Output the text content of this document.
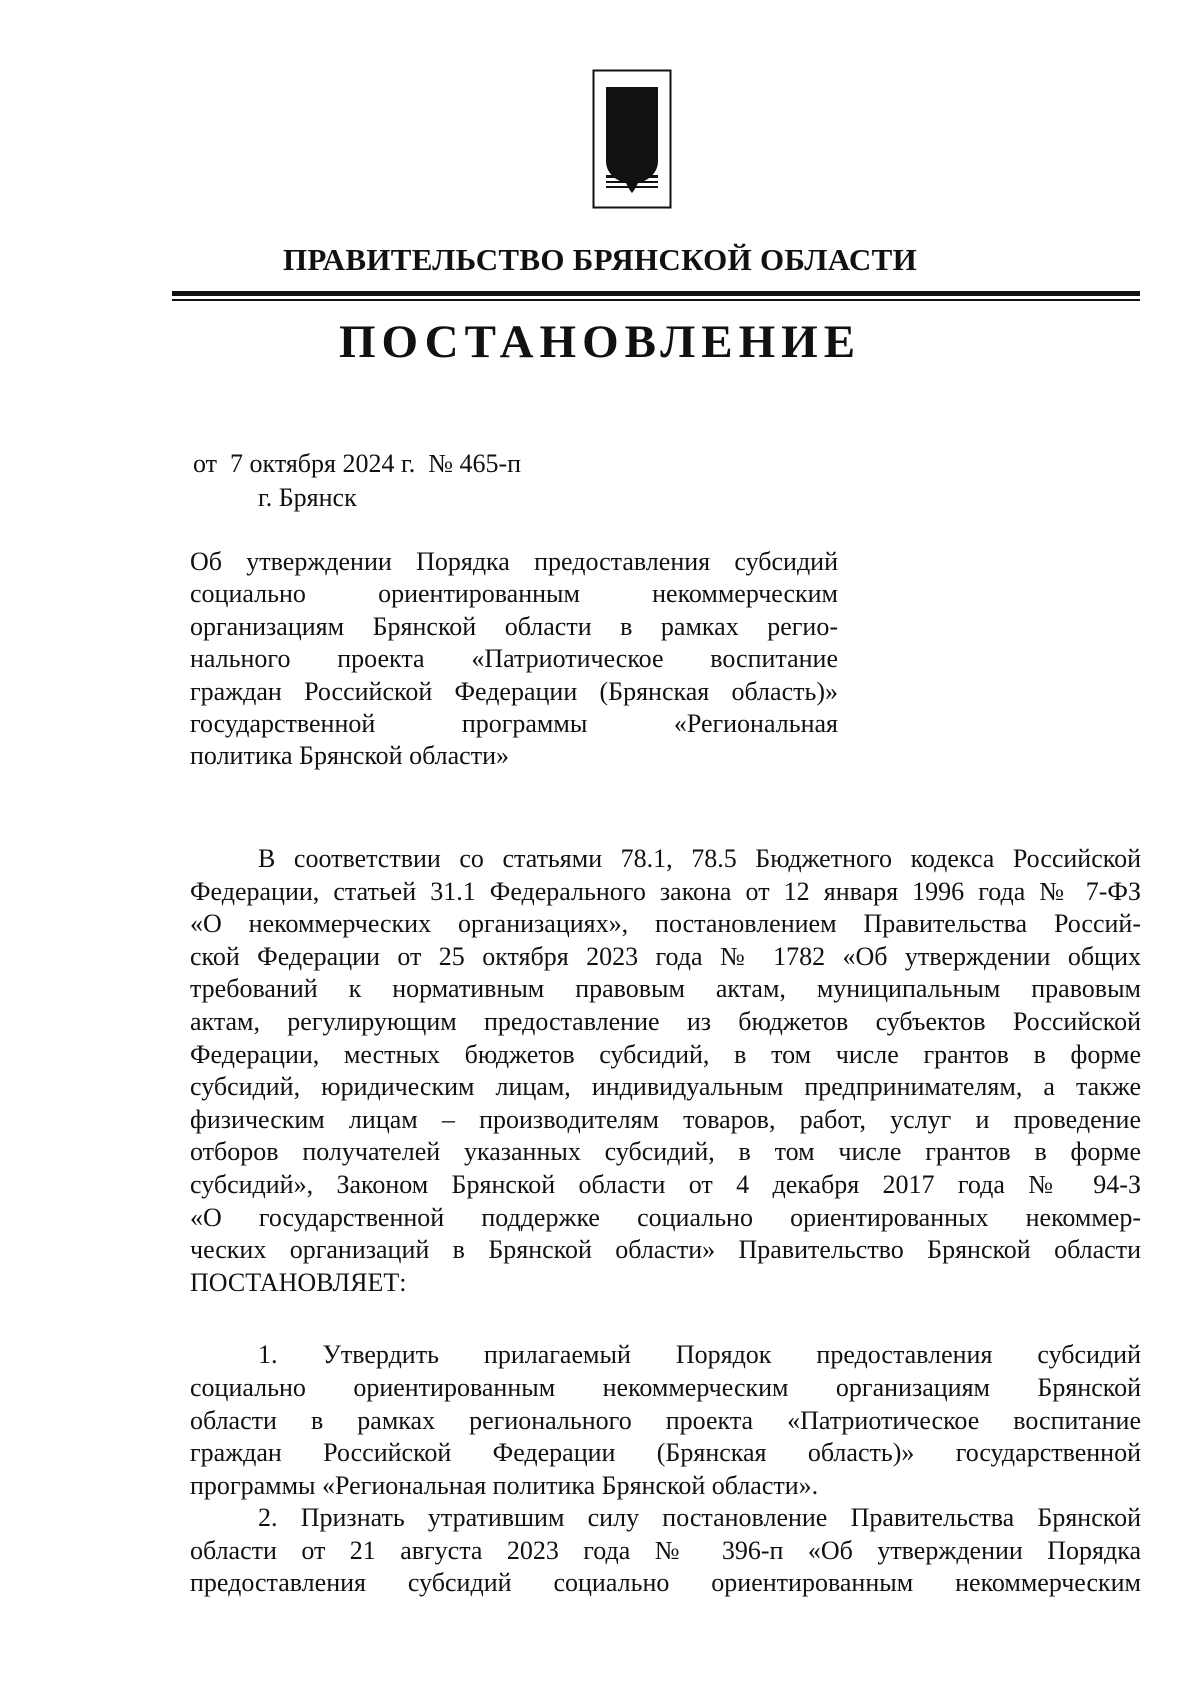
ПРАВИТЕЛЬСТВО БРЯНСКОЙ ОБЛАСТИ
ПОСТАНОВЛЕНИЕ
от 7 октября 2024 г. № 465-п
г. Брянск
Об утверждении Порядка предоставления субсидий
социально ориентированным некоммерческим
организациям Брянской области в рамках регио-
нального проекта «Патриотическое воспитание
граждан Российской Федерации (Брянская область)»
государственной программы «Региональная
политика Брянской области»
В соответствии со статьями 78.1, 78.5 Бюджетного кодекса Российской
Федерации, статьей 31.1 Федерального закона от 12 января 1996 года № 7-ФЗ
«О некоммерческих организациях», постановлением Правительства Россий-
ской Федерации от 25 октября 2023 года № 1782 «Об утверждении общих
требований к нормативным правовым актам, муниципальным правовым
актам, регулирующим предоставление из бюджетов субъектов Российской
Федерации, местных бюджетов субсидий, в том числе грантов в форме
субсидий, юридическим лицам, индивидуальным предпринимателям, а также
физическим лицам – производителям товаров, работ, услуг и проведение
отборов получателей указанных субсидий, в том числе грантов в форме
субсидий», Законом Брянской области от 4 декабря 2017 года № 94-З
«О государственной поддержке социально ориентированных некоммер-
ческих организаций в Брянской области» Правительство Брянской области
ПОСТАНОВЛЯЕТ:
1. Утвердить прилагаемый Порядок предоставления субсидий
социально ориентированным некоммерческим организациям Брянской
области в рамках регионального проекта «Патриотическое воспитание
граждан Российской Федерации (Брянская область)» государственной
программы «Региональная политика Брянской области».
2. Признать утратившим силу постановление Правительства Брянской
области от 21 августа 2023 года № 396-п «Об утверждении Порядка
предоставления субсидий социально ориентированным некоммерческим
